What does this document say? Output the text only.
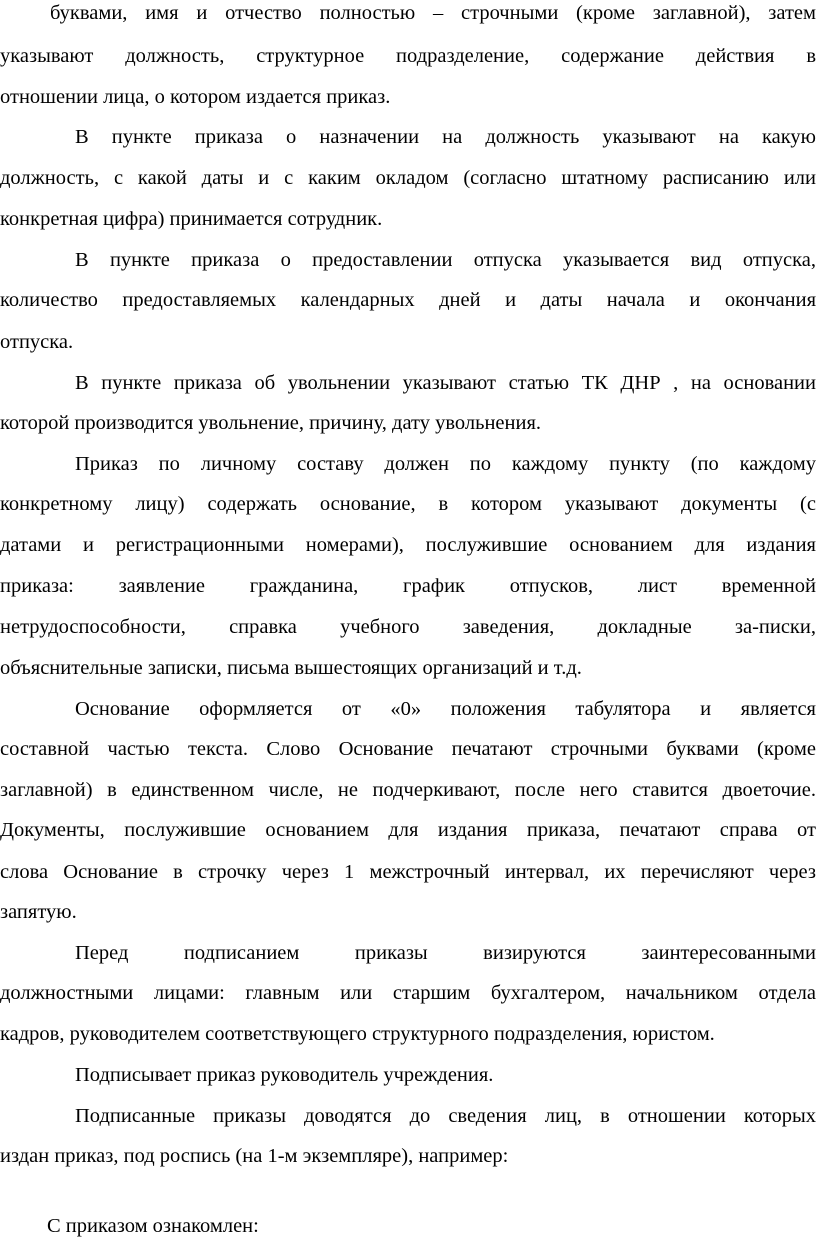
буквами, имя и отчество полностью – строчными (кроме заглавной), затем
указывают должность, структурное подразделение, содержание действия в
отношении лица, о котором издается приказ.
В пункте приказа о назначении на должность указывают на какую
должность, с какой даты и с каким окладом (согласно штатному расписанию или
конкретная цифра) принимается сотрудник.
В пункте приказа о предоставлении отпуска указывается вид отпуска,
количество предоставляемых календарных дней и даты начала и окончания
отпуска.
В пункте приказа об увольнении указывают статью ТК ДНР , на основании
которой производится увольнение, причину, дату увольнения.
Приказ по личному составу должен по каждому пункту (по каждому
конкретному лицу) содержать основание, в котором указывают документы (с
датами и регистрационными номерами), послужившие основанием для издания
приказа: заявление гражданина, график отпусков, лист временной
нетрудоспособности, справка учебного заведения, докладные за-писки,
объяснительные записки, письма вышестоящих организаций и т.д.
Основание оформляется от «0» положения табулятора и является
составной частью текста. Слово Основание печатают строчными буквами (кроме
заглавной) в единственном числе, не подчеркивают, после него ставится двоеточие.
Документы, послужившие основанием для издания приказа, печатают справа от
слова Основание в строчку через 1 межстрочный интервал, их перечисляют через
запятую.
Перед подписанием приказы визируются заинтересованными
должностными лицами: главным или старшим бухгалтером, начальником отдела
кадров, руководителем соответствующего структурного подразделения, юристом.
Подписывает приказ руководитель учреждения.
Подписанные приказы доводятся до сведения лиц, в отношении которых
издан приказ, под роспись (на 1-м экземпляре), например:
С приказом ознакомлен:
